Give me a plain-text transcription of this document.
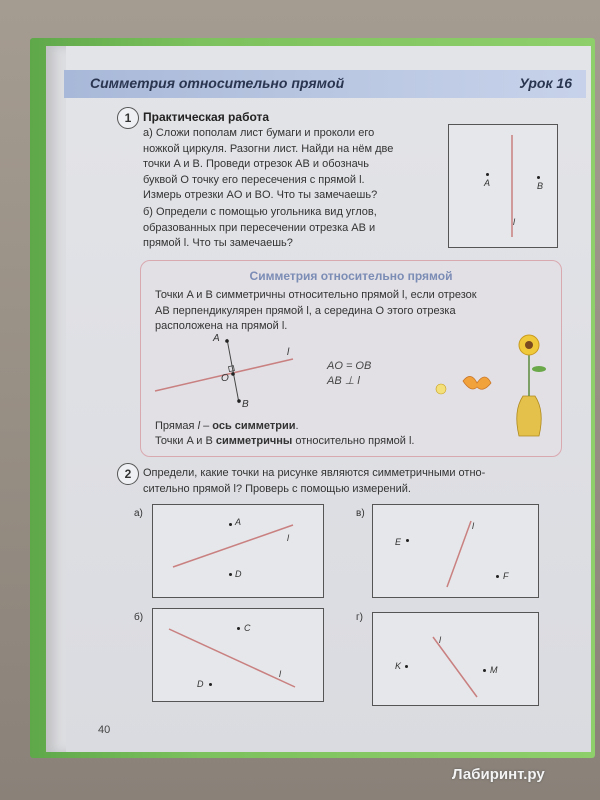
Симметрия относительно прямой	Урок 16
1 Практическая работа
а) Сложи пополам лист бумаги и проколи его
ножкой циркуля. Разогни лист. Найди на нём две
точки A и B. Проведи отрезок AB и обозначь
буквой O точку его пересечения с прямой l.
Измерь отрезки AO и BO. Что ты замечаешь?
б) Определи с помощью угольника вид углов,
образованных при пересечении отрезка AB и
прямой l. Что ты замечаешь?
A	B
l
Симметрия относительно прямой
Точки A и B симметричны относительно прямой l, если отрезок
AB перпендикулярен прямой l, а середина O этого отрезка
расположена на прямой l.
A
O
B
l
AO = OB
AB ⊥ l
Прямая l – ось симметрии.
Точки A и B симметричны относительно прямой l.
2	Определи, какие точки на рисунке являются симметричными отно-
сительно прямой l? Проверь с помощью измерений.
а)
A
D
l
в)
E
F
l
б)
C
D
l
г)
K	M
l
40
Лабиринт.ру
